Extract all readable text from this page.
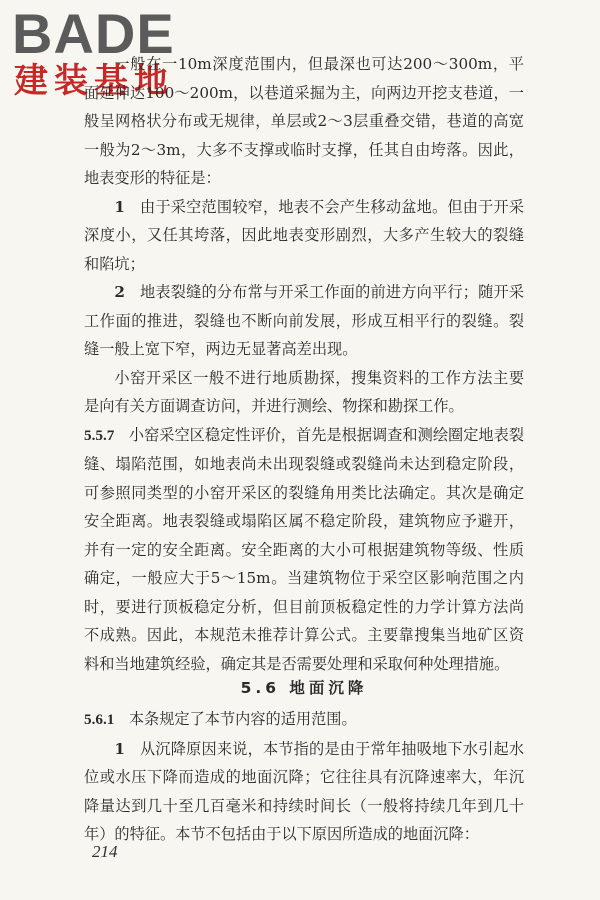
BADE
建装基地

一般在一10m深度范围内，但最深也可达200～300m，平面延伸达100～200m，以巷道采掘为主，向两边开挖支巷道，一般呈网格状分布或无规律，单层或2～3层重叠交错，巷道的高宽一般为2～3m，大多不支撑或临时支撑，任其自由垮落。因此，地表变形的特征是：

1 由于采空范围较窄，地表不会产生移动盆地。但由于开采深度小，又任其垮落，因此地表变形剧烈，大多产生较大的裂缝和陷坑；

2 地表裂缝的分布常与开采工作面的前进方向平行；随开采工作面的推进，裂缝也不断向前发展，形成互相平行的裂缝。裂缝一般上宽下窄，两边无显著高差出现。

小窑开采区一般不进行地质勘探，搜集资料的工作方法主要是向有关方面调查访问，并进行测绘、物探和勘探工作。

5.5.7 小窑采空区稳定性评价，首先是根据调查和测绘圈定地表裂缝、塌陷范围，如地表尚未出现裂缝或裂缝尚未达到稳定阶段，可参照同类型的小窑开采区的裂缝角用类比法确定。其次是确定安全距离。地表裂缝或塌陷区属不稳定阶段，建筑物应予避开，并有一定的安全距离。安全距离的大小可根据建筑物等级、性质确定，一般应大于5～15m。当建筑物位于采空区影响范围之内时，要进行顶板稳定分析，但目前顶板稳定性的力学计算方法尚不成熟。因此，本规范未推荐计算公式。主要靠搜集当地矿区资料和当地建筑经验，确定其是否需要处理和采取何种处理措施。

5.6 地面沉降

5.6.1 本条规定了本节内容的适用范围。

1 从沉降原因来说，本节指的是由于常年抽吸地下水引起水位或水压下降而造成的地面沉降；它往往具有沉降速率大，年沉降量达到几十至几百毫米和持续时间长（一般将持续几年到几十年）的特征。本节不包括由于以下原因所造成的地面沉降：

214
